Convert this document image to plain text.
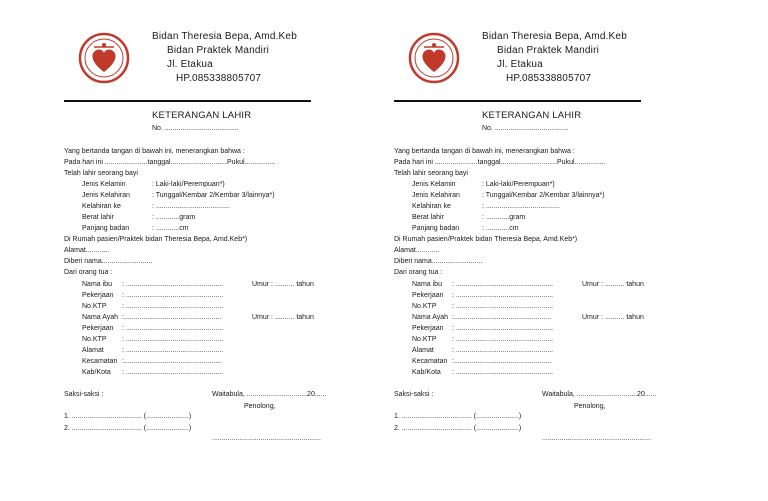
Bidan Theresia Bepa, Amd.Keb
Bidan Praktek Mandiri
Jl. Etakua
HP.085338805707
KETERANGAN LAHIR
No. ......................................
Yang bertanda tangan di bawah ini, menerangkan bahwa :
Pada hari ini ......................tanggal.............................Pukul................
Telah lahir seorang bayi
Jenis Kelamin	: Laki-laki/Perempuan*)
Jenis Kelahiran	: Tunggal/Kembar 2/Kembar 3/lainnya*)
Kelahiran ke	: ......................................
Berat lahir	: ............gram
Panjang badan	: ............cm
Di Rumah pasien/Praktek bidan Theresia Bepa, Amd.Keb*)
Alamat............
Diberi nama..........................
Dari orang tua :
Nama ibu : ..................................................	Umur : .......... tahun
Pekerjaan : ..................................................
No.KTP : ..................................................
Nama Ayah :..................................................	Umur : .......... tahun
Pekerjaan : ..................................................
No.KTP : ..................................................
Alamat	: ..................................................
Kecamatan :..................................................
Kab/Kota : ..................................................
Saksi-saksi :	Waitabula, ...............................20......
Penolong,
1. .................................... (......................)
2. .................................... (......................)
........................................................
Bidan Theresia Bepa, Amd.Keb
Bidan Praktek Mandiri
Jl. Etakua
HP.085338805707
KETERANGAN LAHIR
No. ......................................
Yang bertanda tangan di bawah ini, menerangkan bahwa :
Pada hari ini ......................tanggal.............................Pukul................
Telah lahir seorang bayi
Jenis Kelamin	: Laki-laki/Perempuan*)
Jenis Kelahiran	: Tunggal/Kembar 2/Kembar 3/lainnya*)
Kelahiran ke	: ......................................
Berat lahir	: ............gram
Panjang badan	: ............cm
Di Rumah pasien/Praktek bidan Theresia Bepa, Amd.Keb*)
Alamat............
Diberi nama..........................
Dari orang tua :
Nama ibu : ..................................................	Umur : .......... tahun
Pekerjaan : ..................................................
No.KTP : ..................................................
Nama Ayah :..................................................	Umur : .......... tahun
Pekerjaan : ..................................................
No.KTP : ..................................................
Alamat	: ..................................................
Kecamatan :..................................................
Kab/Kota : ..................................................
Saksi-saksi :	Waitabula, ...............................20......
Penolong,
1. .................................... (......................)
2. .................................... (......................)
........................................................
